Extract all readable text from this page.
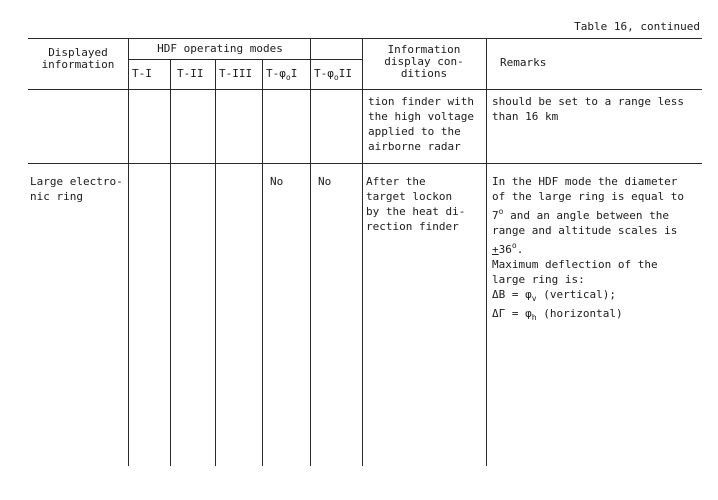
Table 16, continued
Displayed
information
HDF operating modes
T-I T-II T-III $T-\varphi_oI$ $T-\varphi_oII$
Information
display con-
ditions
Remarks
tion finder with
the high voltage
applied to the
airborne radar
should be set to a range less
than 16 km
Large electro-
nic ring
No	No	After the
target lockon
by the heat di-
rection finder
In the HDF mode the diameter
of the large ring is equal to
7$^o$ and an angle between the
range and altitude scales is
$+36^o$.
Maximum deflection of the
large ring is:
$\Delta B = \varphi_v$ (vertical);
$\Delta\Gamma = \varphi_h$ (horizontal)
